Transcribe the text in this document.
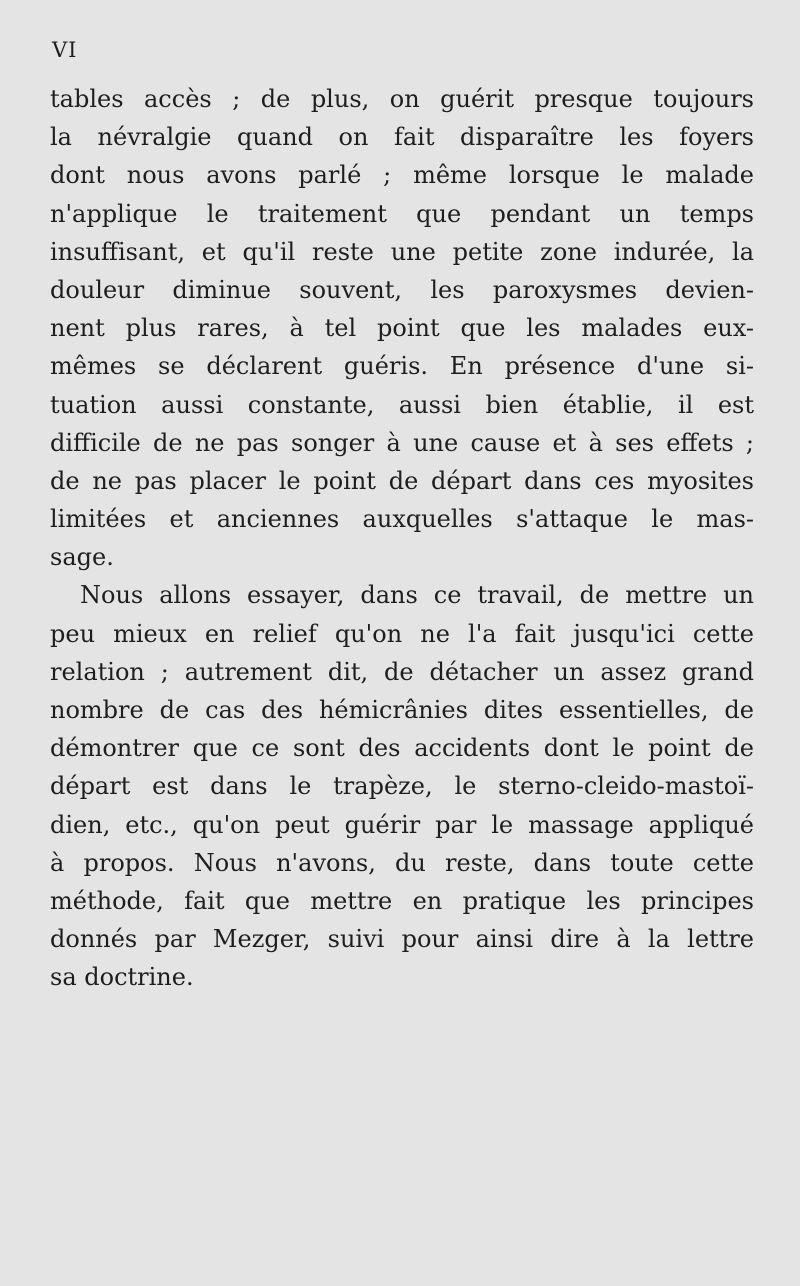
VI
tables accès ; de plus, on guérit presque toujours
la névralgie quand on fait disparaître les foyers
dont nous avons parlé ; même lorsque le malade
n'applique le traitement que pendant un temps
insuffisant, et qu'il reste une petite zone indurée, la
douleur diminue souvent, les paroxysmes devien-
nent plus rares, à tel point que les malades eux-
mêmes se déclarent guéris. En présence d'une si-
tuation aussi constante, aussi bien établie, il est
difficile de ne pas songer à une cause et à ses effets ;
de ne pas placer le point de départ dans ces myosites
limitées et anciennes auxquelles s'attaque le mas-
sage.
Nous allons essayer, dans ce travail, de mettre un
peu mieux en relief qu'on ne l'a fait jusqu'ici cette
relation ; autrement dit, de détacher un assez grand
nombre de cas des hémicrânies dites essentielles, de
démontrer que ce sont des accidents dont le point de
départ est dans le trapèze, le sterno-cleido-mastoï-
dien, etc., qu'on peut guérir par le massage appliqué
à propos. Nous n'avons, du reste, dans toute cette
méthode, fait que mettre en pratique les principes
donnés par Mezger, suivi pour ainsi dire à la lettre
sa doctrine.
